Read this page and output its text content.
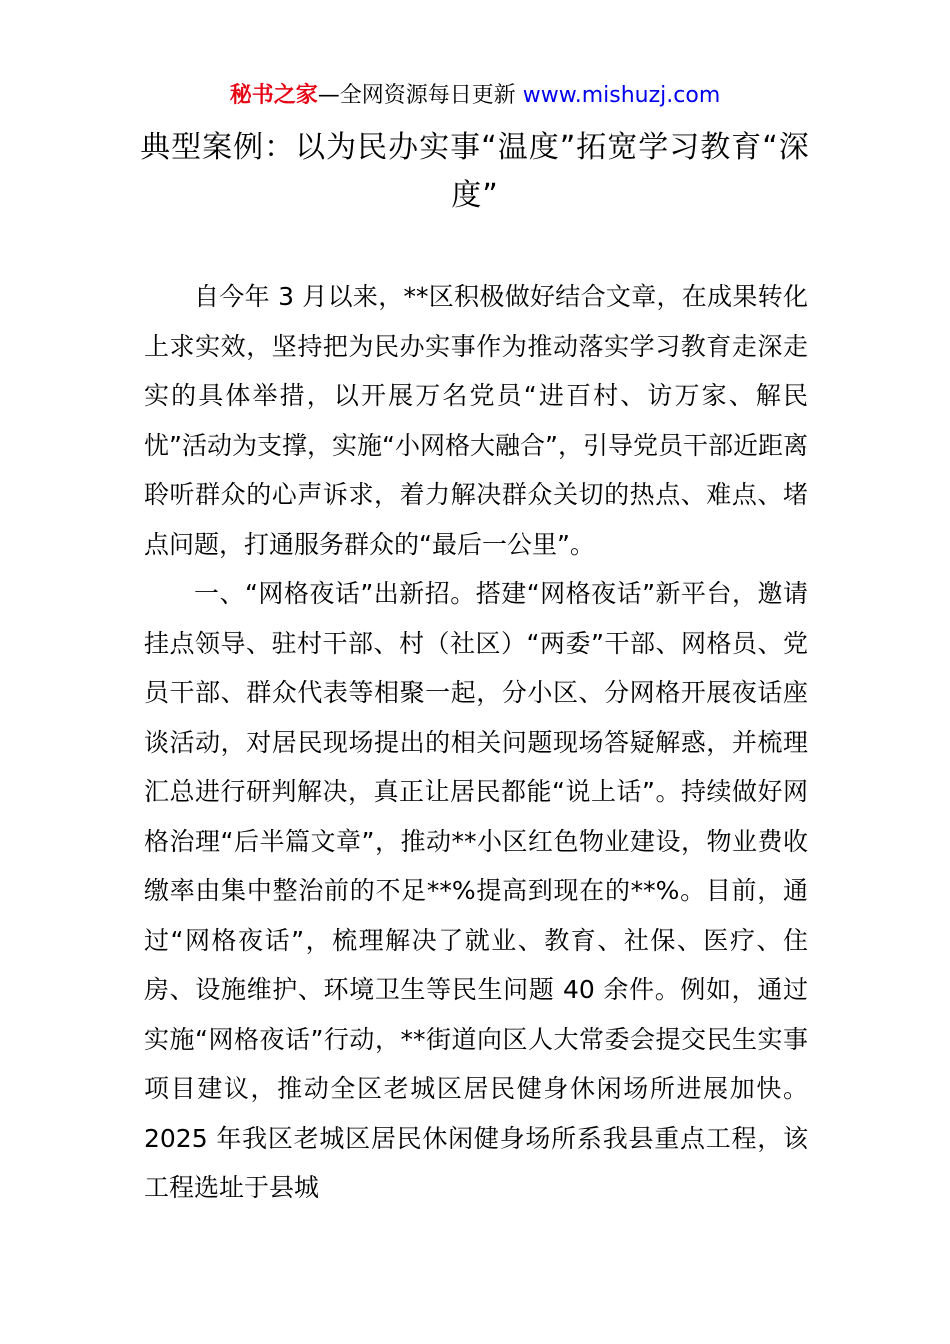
秘书之家—全网资源每日更新 www.mishuzj.com
典型案例：以为民办实事“温度”拓宽学习教育“深度”

自今年 3 月以来，**区积极做好结合文章，在成果转化上求实效，坚持把为民办实事作为推动落实学习教育走深走实的具体举措，以开展万名党员“进百村、访万家、解民忧”活动为支撑，实施“小网格大融合”，引导党员干部近距离聆听群众的心声诉求，着力解决群众关切的热点、难点、堵点问题，打通服务群众的“最后一公里”。

一、“网格夜话”出新招。搭建“网格夜话”新平台，邀请挂点领导、驻村干部、村（社区）“两委”干部、网格员、党员干部、群众代表等相聚一起，分小区、分网格开展夜话座谈活动，对居民现场提出的相关问题现场答疑解惑，并梳理汇总进行研判解决，真正让居民都能“说上话”。持续做好网格治理“后半篇文章”，推动**小区红色物业建设，物业费收缴率由集中整治前的不足**%提高到现在的**%。目前，通过“网格夜话”，梳理解决了就业、教育、社保、医疗、住房、设施维护、环境卫生等民生问题 40 余件。例如，通过实施“网格夜话”行动，**街道向区人大常委会提交民生实事项目建议，推动全区老城区居民健身休闲场所进展加快。2025 年我区老城区居民休闲健身场所系我县重点工程，该工程选址于县城
